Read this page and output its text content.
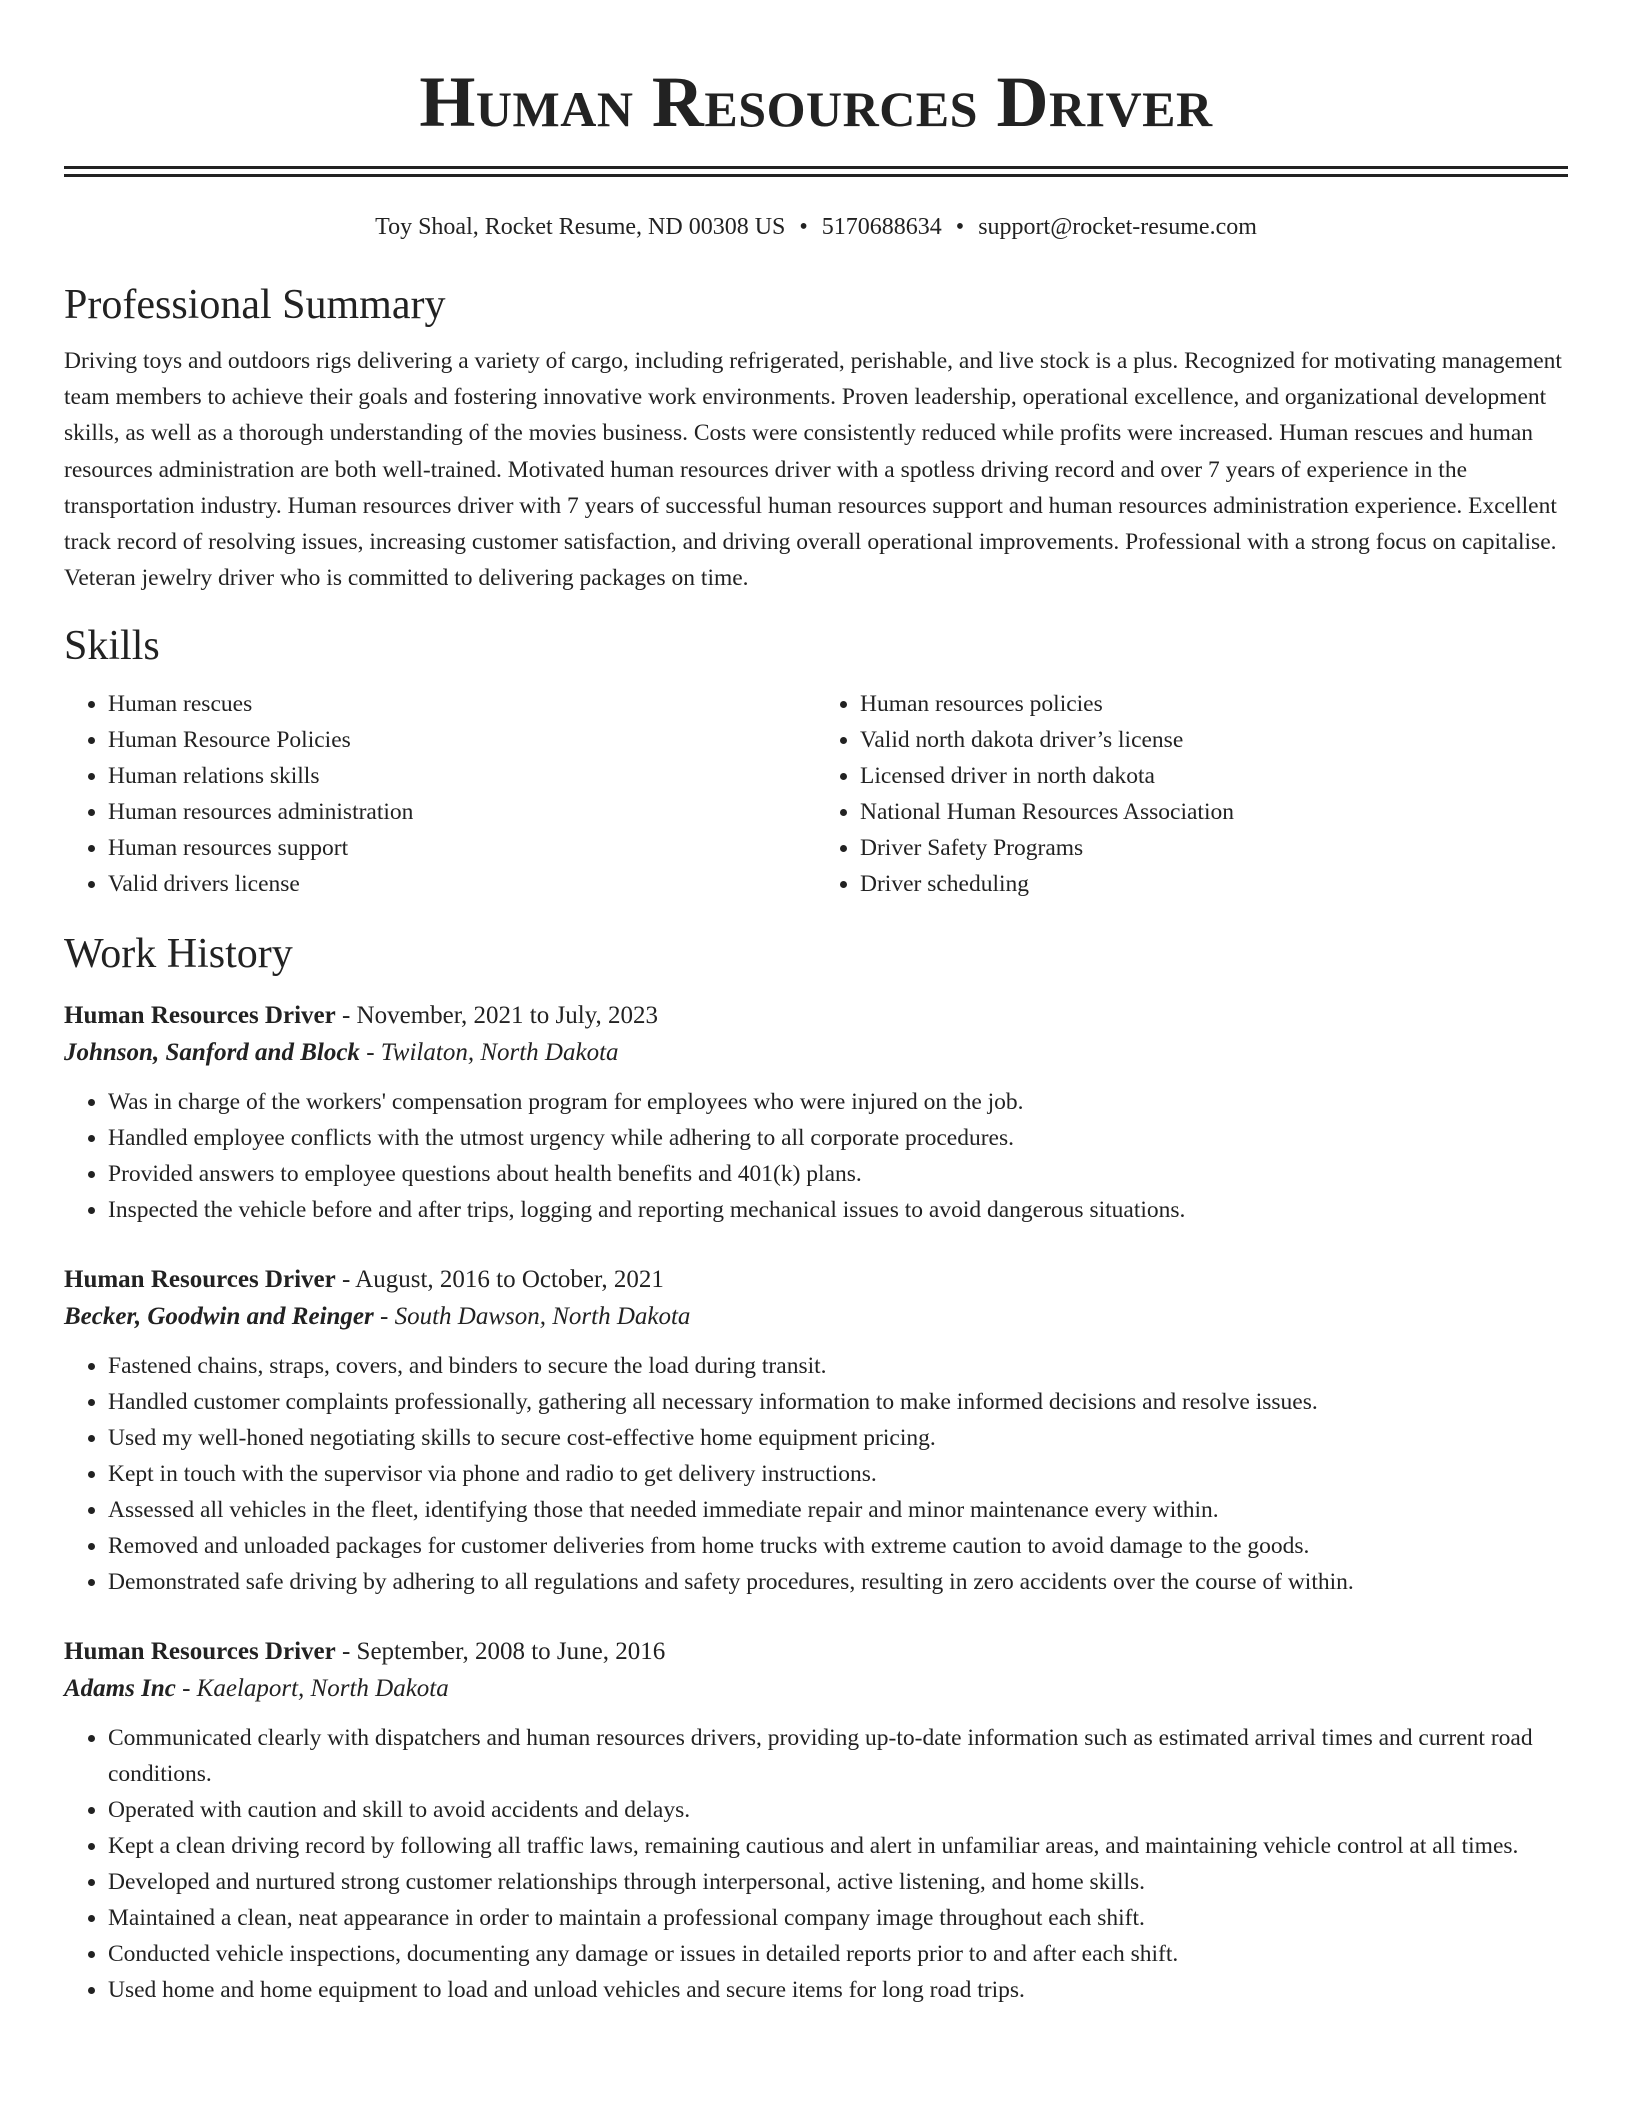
Human Resources Driver
Toy Shoal, Rocket Resume, ND 00308 US • 5170688634 • support@rocket-resume.com
Professional Summary

Driving toys and outdoors rigs delivering a variety of cargo, including refrigerated, perishable, and live stock is a plus. Recognized for motivating management team members to achieve their goals and fostering innovative work environments. Proven leadership, operational excellence, and organizational development skills, as well as a thorough understanding of the movies business. Costs were consistently reduced while profits were increased. Human rescues and human resources administration are both well-trained. Motivated human resources driver with a spotless driving record and over 7 years of experience in the transportation industry. Human resources driver with 7 years of successful human resources support and human resources administration experience. Excellent track record of resolving issues, increasing customer satisfaction, and driving overall operational improvements. Professional with a strong focus on capitalise. Veteran jewelry driver who is committed to delivering packages on time.

Skills
• Human rescues
• Human Resource Policies
• Human relations skills
• Human resources administration
• Human resources support
• Valid drivers license
• Human resources policies
• Valid north dakota driver’s license
• Licensed driver in north dakota
• National Human Resources Association
• Driver Safety Programs
• Driver scheduling
Work History
Human Resources Driver - November, 2021 to July, 2023
Johnson, Sanford and Block - Twilaton, North Dakota
• Was in charge of the workers' compensation program for employees who were injured on the job.
• Handled employee conflicts with the utmost urgency while adhering to all corporate procedures.
• Provided answers to employee questions about health benefits and 401(k) plans.
• Inspected the vehicle before and after trips, logging and reporting mechanical issues to avoid dangerous situations.
Human Resources Driver - August, 2016 to October, 2021
Becker, Goodwin and Reinger - South Dawson, North Dakota
• Fastened chains, straps, covers, and binders to secure the load during transit.
• Handled customer complaints professionally, gathering all necessary information to make informed decisions and resolve issues.
• Used my well-honed negotiating skills to secure cost-effective home equipment pricing.
• Kept in touch with the supervisor via phone and radio to get delivery instructions.
• Assessed all vehicles in the fleet, identifying those that needed immediate repair and minor maintenance every within.
• Removed and unloaded packages for customer deliveries from home trucks with extreme caution to avoid damage to the goods.
• Demonstrated safe driving by adhering to all regulations and safety procedures, resulting in zero accidents over the course of within.
Human Resources Driver - September, 2008 to June, 2016
Adams Inc - Kaelaport, North Dakota
• Communicated clearly with dispatchers and human resources drivers, providing up-to-date information such as estimated arrival times and current road conditions.
• Operated with caution and skill to avoid accidents and delays.
• Kept a clean driving record by following all traffic laws, remaining cautious and alert in unfamiliar areas, and maintaining vehicle control at all times.
• Developed and nurtured strong customer relationships through interpersonal, active listening, and home skills.
• Maintained a clean, neat appearance in order to maintain a professional company image throughout each shift.
• Conducted vehicle inspections, documenting any damage or issues in detailed reports prior to and after each shift.
• Used home and home equipment to load and unload vehicles and secure items for long road trips.
